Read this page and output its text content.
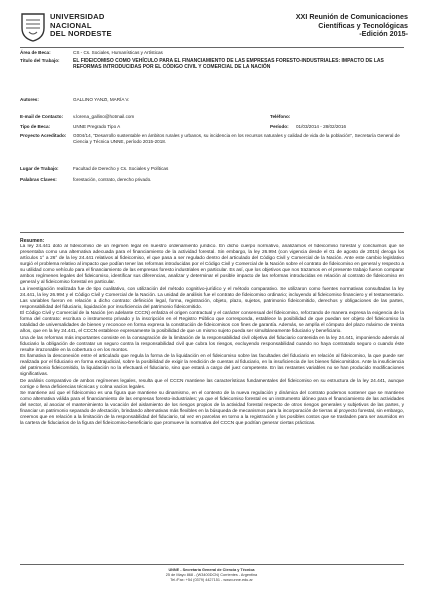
UNIVERSIDAD
NACIONAL
DEL NORDESTE
XXI Reunión de Comunicaciones
Científicas y Tecnológicas
-Edición 2015-
Área de Beca:	CS - Cs. Sociales, Humanísticas y Artísticas
Título del Trabajo:	EL FIDEICOMISO COMO VEHÍCULO PARA EL FINANCIAMIENTO DE LAS EMPRESAS FORESTO-INDUSTRIALES: IMPACTO DE LAS REFORMAS INTRODUCIDAS POR EL CÓDIGO CIVIL Y COMERCIAL DE LA NACIÓN
Autores:	GALLINO YANZI, MARÍA V.
E-mail de Contacto: v.lorena_gallino@hotmail.com	Teléfono:
Tipo de Beca:	UNNE Pregrado Tipo A	Período: 01/03/2014 - 28/02/2016
Proyecto Acreditado: G004/14, "Desarrollo sustentable en ámbitos rurales y urbanos, su incidencia en los recursos naturales y calidad de vida de la población", Secretaría General de Ciencia y Técnica UNNE, período 2015-2018.
Lugar de Trabajo:	Facultad de Derecho y Cs. Sociales y Políticas
Palabras Claves:	forestación, contrato, derecho privado.
Resumen:

La ley 24.441 dotó al fideicomiso de un régimen legal en nuestro ordenamiento jurídico. En dicho cuerpo normativo, analizamos el fideicomiso forestal y concluimos que se presentaba como una alternativa adecuada para el financiamiento de la actividad forestal. Sin embargo, la ley 26.994 (con vigencia desde el 01 de agosto de 2015) deroga los artículos 1° a 26° de la ley 24.441 relativos al fideicomiso, el que pasa a ser regulado dentro del articulado del Código Civil y Comercial de la Nación. Ante este cambio legislativo surgió el problema relativo al impacto que podían tener las reformas introducidas por el Código Civil y Comercial de la Nación sobre el contrato de fideicomiso en general y respecto a su utilidad como vehículo para el financiamiento de las empresas foresto industriales en particular. Es así, que los objetivos que nos trazamos en el presente trabajo fueron comparar ambos regímenes legales del fideicomiso, identificar sus diferencias, analizar y determinar el posible impacto de las reformas introducidas en relación al contrato de fideicomiso en general y al fideicomiso forestal en particular.

La investigación realizada fue de tipo cualitativo, con utilización del método cognitivo-jurídico y el método comparativo. Se utilizaron como fuentes normativas consultadas la ley 24.441, la ley 26.994 y el Código Civil y Comercial de la Nación. La unidad de análisis fue el contrato de fideicomiso ordinario; incluyendo al fideicomiso financiero y el testamentario. Las variables fueron en relación a dicho contrato: definición legal, forma, registración, objeto, plazo, sujetos, patrimonio fideicomitido, derechos y obligaciones de las partes, responsabilidad del fiduciario, liquidación por insuficiencia del patrimonio fideicomitido.

El Código Civil y Comercial de la Nación (en adelante CCCN) enfatiza el origen contractual y el carácter consensual del fideicomiso, reforzando de manera expresa la exigencia de la forma del contrato: escritura o instrumento privado y la inscripción en el Registro Público que corresponda, establece la posibilidad de que puedan ser objeto del fideicomiso la totalidad de universalidades de bienes y reconoce en forma expresa la constitución de fideicomisos con fines de garantía. Además, se amplía el cómputo del plazo máximo de treinta años, que en la ley 24.441, el CCCN establece expresamente la posibilidad de que un mismo sujeto pueda ser simultáneamente fiduciario y beneficiario.

Una de las reformas más importantes consiste en la consagración de la limitación de la responsabilidad civil objetiva del fiduciario contenida en la ley 24.441, imponiendo además al fiduciario la obligación de contratar un seguro contra la responsabilidad civil que cubra los riesgos, excluyendo responsabilidad cuando no haya contratado seguro o cuando éste resulte irrazonable en la cobertura o en los montos.

Es llamativa la desconexión entre el articulado que regula la forma de la liquidación en el fideicomiso sobre las facultades del fiduciario en relación al fideicomiso, la que puede ser realizada por el fiduciario en forma extrajudicial, sobre la posibilidad de exigir la rendición de cuentas al fiduciario, en la insuficiencia de los bienes fideicomitidos. Ante la insuficiencia del patrimonio fideicomitido, la liquidación no la efectuará el fiduciario, sino que estará a cargo del juez competente. En las restantes variables no se han producido modificaciones significativas.

De análisis comparativo de ambos regímenes legales, resulta que el CCCN mantiene las características fundamentales del fideicomiso en su estructura de la ley 24.441, aunque corrige o llena deficiencias técnicas y colma vacíos legales.

Se mantiene así que el fideicomiso es una figura que mantiene su dinamismo, en el contexto de la nueva regulación y dinámica del contrato podemos sostener que se mantiene como alternativa válida para el financiamiento de las empresas foresto-industriales; ya que el fideicomiso forestal es un instrumento idóneo para el financiamiento de las actividades del sector, al asociar el mantenimiento la vocación del aislamiento de los riesgos propios de la actividad forestal respecto de otros riesgos generales y subjetivos de las partes, y financiar un patrimonio separado de afectación, brindando alternativas más flexibles en la búsqueda de mecanismos para la incorporación de tierras al proyecto forestal, sin embargo, creemos que en relación a la limitación de la responsabilidad del fiduciario, tal vez en parcelas en torno a la registración y los posibles costos que se trasladen para ser asumidos en la cartera de fiduciarios de la figura del fideicomiso-beneficiario que promueve la normativa del CCCN que podrían generar ciertas prácticas.

UNNE - Secretaría General de Ciencia y Técnica
25 de Mayo 868 - (W3400DCN) Corrientes - Argentina
Tel./Fax: +54 (0379) 4427151 - www.unne.edu.ar
